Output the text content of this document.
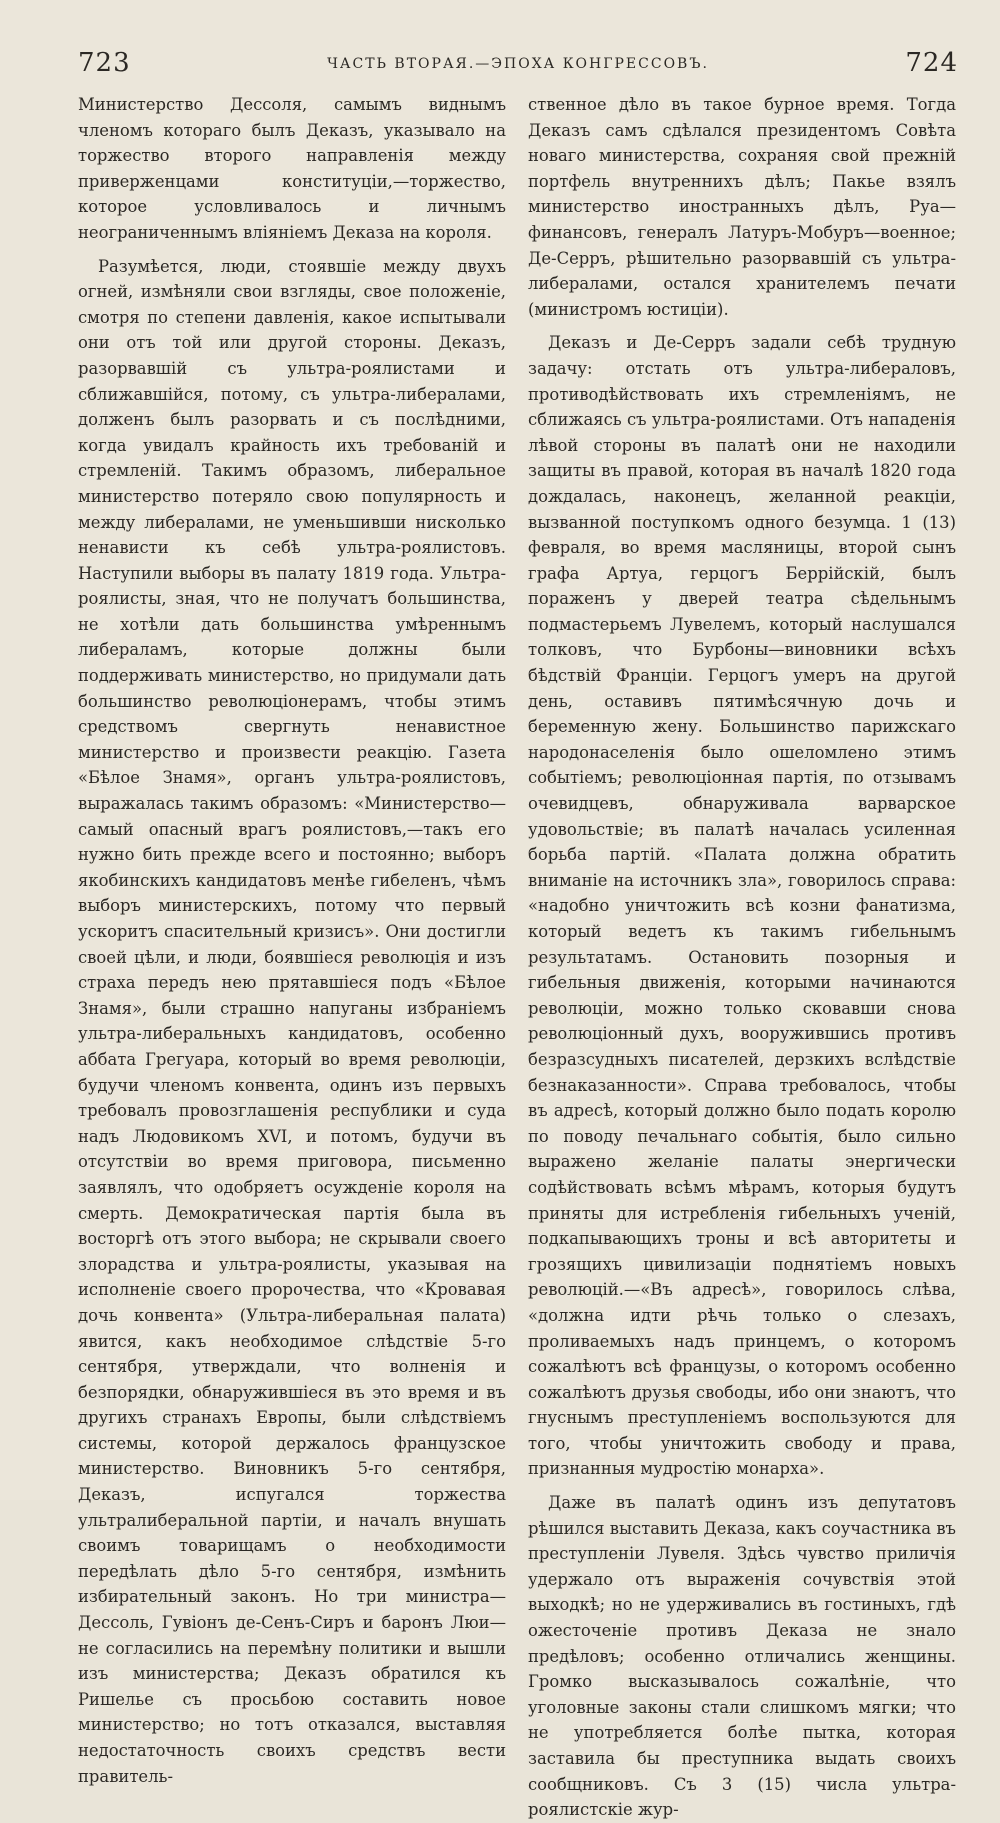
723	ЧАСТЬ ВТОРАЯ.—ЭПОХА КОНГРЕССОВЪ.	724

Министерство Дессоля, самымъ виднымъ членомъ котораго былъ Деказъ, указывало на торжество второго направленія между приверженцами конституціи,—торжество, которое условливалось и личнымъ неограниченнымъ вліяніемъ Деказа на короля.

Разумѣется, люди, стоявшіе между двухъ огней, измѣняли свои взгляды, свое положеніе, смотря по степени давленія, какое испытывали они отъ той или другой стороны. Деказъ, разорвавшій съ ультра-роялистами и сближавшійся, потому, съ ультра-либералами, долженъ былъ разорвать и съ послѣдними, когда увидалъ крайность ихъ требованій и стремленій. Такимъ образомъ, либеральное министерство потеряло свою популярность и между либералами, не уменьшивши нисколько ненависти къ себѣ ультра-роялистовъ. Наступили выборы въ палату 1819 года. Ультра-роялисты, зная, что не получатъ большинства, не хотѣли дать большинства умѣреннымъ либераламъ, которые должны были поддерживать министерство, но придумали дать большинство революціонерамъ, чтобы этимъ средствомъ свергнуть ненавистное министерство и произвести реакцію. Газета «Бѣлое Знамя», органъ ультра-роялистовъ, выражалась такимъ образомъ: «Министерство—самый опасный врагъ роялистовъ,—такъ его нужно бить прежде всего и постоянно; выборъ якобинскихъ кандидатовъ менѣе гибеленъ, чѣмъ выборъ министерскихъ, потому что первый ускоритъ спасительный кризисъ». Они достигли своей цѣли, и люди, боявшіеся революція и изъ страха передъ нею прятавшіеся подъ «Бѣлое Знамя», были страшно напуганы избраніемъ ультра-либеральныхъ кандидатовъ, особенно аббата Грегуара, который во время революціи, будучи членомъ конвента, одинъ изъ первыхъ требовалъ провозглашенія республики и суда надъ Людовикомъ XVI, и потомъ, будучи въ отсутствіи во время приговора, письменно заявлялъ, что одобряетъ осужденіе короля на смерть. Демократическая партія была въ восторгѣ отъ этого выбора; не скрывали своего злорадства и ультра-роялисты, указывая на исполненіе своего пророчества, что «Кровавая дочь конвента» (Ультра-либеральная палата) явится, какъ необходимое слѣдствіе 5-го сентября, утверждали, что волненія и безпорядки, обнаружившіеся въ это время и въ другихъ странахъ Европы, были слѣдствіемъ системы, которой держалось французское министерство. Виновникъ 5-го сентября, Деказъ, испугался торжества ультралиберальной партіи, и началъ внушать своимъ товарищамъ о необходимости передѣлать дѣло 5-го сентября, измѣнить избирательный законъ. Но три министра—Дессоль, Гувіонъ де-Сенъ-Сиръ и баронъ Люи—не согласились на перемѣну политики и вышли изъ министерства; Деказъ обратился къ Ришелье съ просьбою составить новое министерство; но тотъ отказался, выставляя недостаточность своихъ средствъ вести правитель-

ственное дѣло въ такое бурное время. Тогда Деказъ самъ сдѣлался президентомъ Совѣта новаго министерства, сохраняя свой прежній портфель внутреннихъ дѣлъ; Пакье взялъ министерство иностранныхъ дѣлъ, Руа—финансовъ, генералъ Латуръ-Мобуръ—военное; Де-Серръ, рѣшительно разорвавшій съ ультра-либералами, остался хранителемъ печати (министромъ юстиціи).

Деказъ и Де-Серръ задали себѣ трудную задачу: отстать отъ ультра-либераловъ, противодѣйствовать ихъ стремленіямъ, не сближаясь съ ультра-роялистами. Отъ нападенія лѣвой стороны въ палатѣ они не находили защиты въ правой, которая въ началѣ 1820 года дождалась, наконецъ, желанной реакціи, вызванной поступкомъ одного безумца. 1 (13) февраля, во время масляницы, второй сынъ графа Артуа, герцогъ Беррійскій, былъ пораженъ у дверей театра сѣдельнымъ подмастерьемъ Лувелемъ, который наслушался толковъ, что Бурбоны—виновники всѣхъ бѣдствій Франціи. Герцогъ умеръ на другой день, оставивъ пятимѣсячную дочь и беременную жену. Большинство парижскаго народонаселенія было ошеломлено этимъ событіемъ; революціонная партія, по отзывамъ очевидцевъ, обнаруживала варварское удовольствіе; въ палатѣ началась усиленная борьба партій. «Палата должна обратить вниманіе на источникъ зла», говорилось справа: «надобно уничтожить всѣ козни фанатизма, который ведетъ къ такимъ гибельнымъ результатамъ. Остановить позорныя и гибельныя движенія, которыми начинаются революціи, можно только сковавши снова революціонный духъ, вооружившись противъ безразсудныхъ писателей, дерзкихъ вслѣдствіе безнаказанности». Справа требовалось, чтобы въ адресѣ, который должно было подать королю по поводу печальнаго событія, было сильно выражено желаніе палаты энергически содѣйствовать всѣмъ мѣрамъ, которыя будутъ приняты для истребленія гибельныхъ ученій, подкапывающихъ троны и всѣ авторитеты и грозящихъ цивилизаціи поднятіемъ новыхъ революцій.—«Въ адресѣ», говорилось слѣва, «должна идти рѣчь только о слезахъ, проливаемыхъ надъ принцемъ, о которомъ сожалѣютъ всѣ французы, о которомъ особенно сожалѣютъ друзья свободы, ибо они знаютъ, что гнуснымъ преступленіемъ воспользуются для того, чтобы уничтожить свободу и права, признанныя мудростію монарха».

Даже въ палатѣ одинъ изъ депутатовъ рѣшился выставить Деказа, какъ соучастника въ преступленіи Лувеля. Здѣсь чувство приличія удержало отъ выраженія сочувствія этой выходкѣ; но не удерживались въ гостиныхъ, гдѣ ожесточеніе противъ Деказа не знало предѣловъ; особенно отличались женщины. Громко высказывалось сожалѣніе, что уголовные законы стали слишкомъ мягки; что не употребляется болѣе пытка, которая заставила бы преступника выдать своихъ сообщниковъ. Съ 3 (15) числа ультра-роялистскіе жур-
